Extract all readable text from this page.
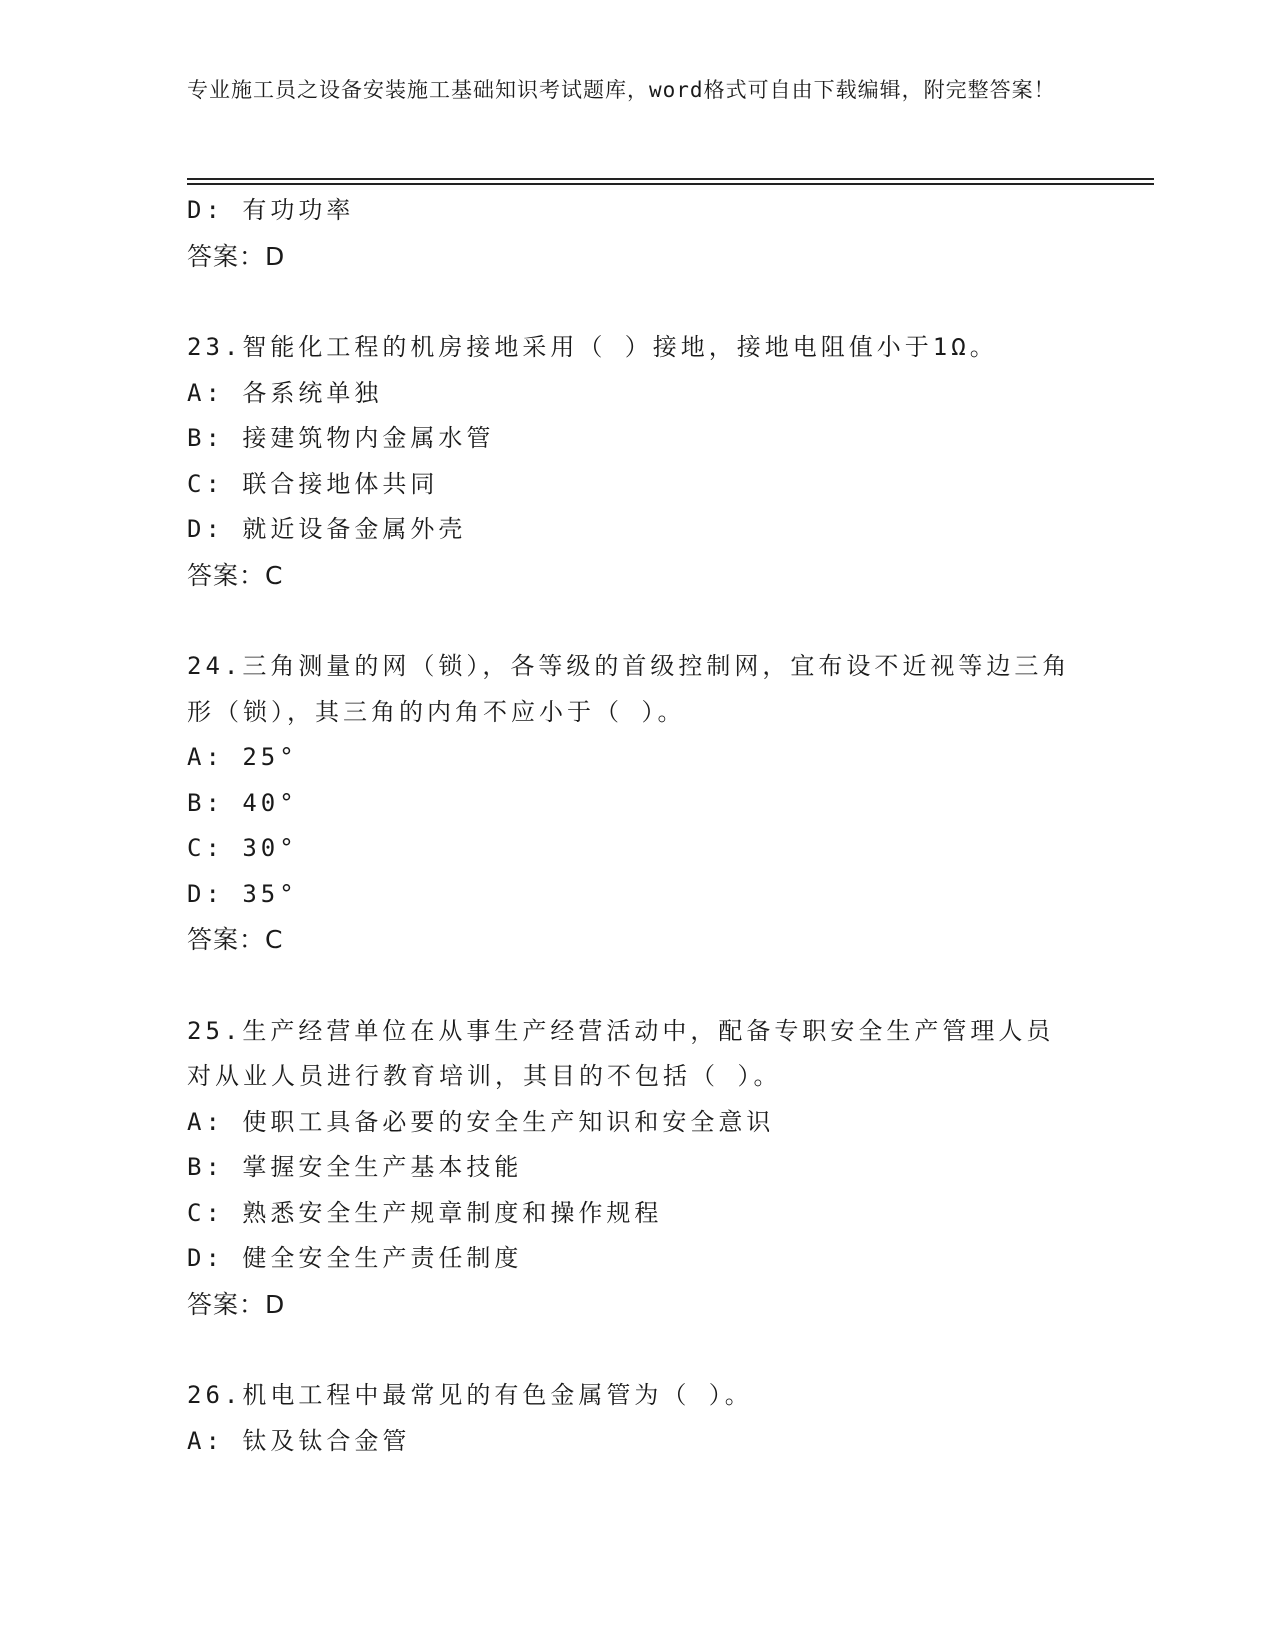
专业施工员之设备安装施工基础知识考试题库，word格式可自由下载编辑，附完整答案！
D: 有功功率
答案：D
23.智能化工程的机房接地采用（ ）接地，接地电阻值小于1Ω。
A: 各系统单独
B: 接建筑物内金属水管
C: 联合接地体共同
D: 就近设备金属外壳
答案：C
24.三角测量的网（锁），各等级的首级控制网，宜布设不近视等边三角形（锁），其三角的内角不应小于（ ）。
A: 25°
B: 40°
C: 30°
D: 35°
答案：C
25.生产经营单位在从事生产经营活动中，配备专职安全生产管理人员对从业人员进行教育培训，其目的不包括（ ）。
A: 使职工具备必要的安全生产知识和安全意识
B: 掌握安全生产基本技能
C: 熟悉安全生产规章制度和操作规程
D: 健全安全生产责任制度
答案：D
26.机电工程中最常见的有色金属管为（ ）。
A: 钛及钛合金管
